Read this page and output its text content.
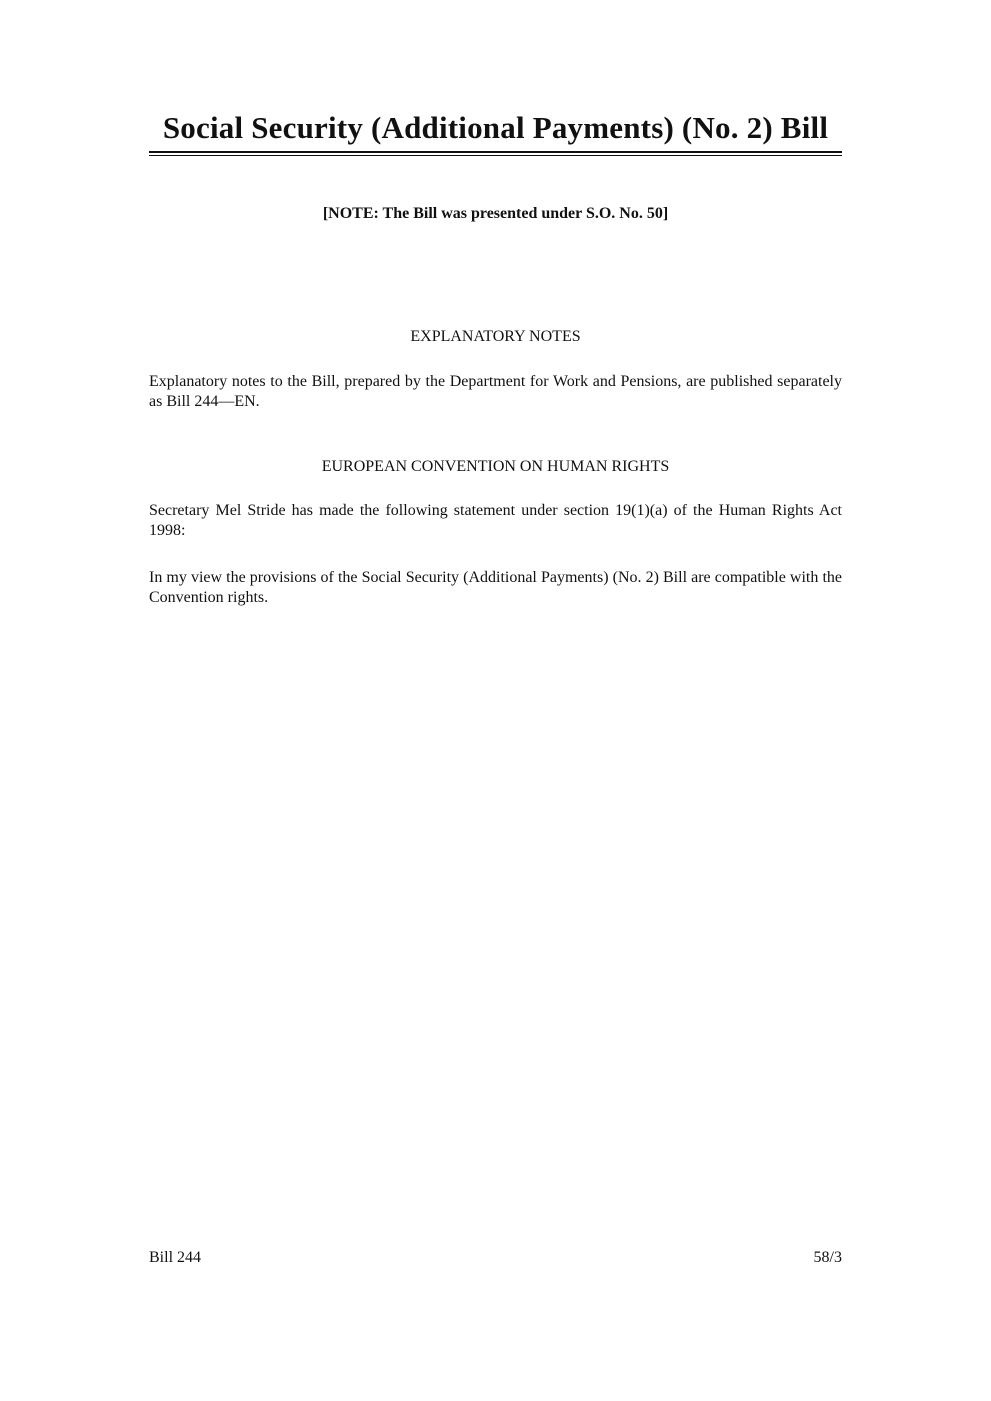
Social Security (Additional Payments) (No. 2) Bill
[NOTE: The Bill was presented under S.O. No. 50]
EXPLANATORY NOTES

Explanatory notes to the Bill, prepared by the Department for Work and Pensions, are published separately as Bill 244—EN.

EUROPEAN CONVENTION ON HUMAN RIGHTS

Secretary Mel Stride has made the following statement under section 19(1)(a) of the Human Rights Act 1998:

In my view the provisions of the Social Security (Additional Payments) (No. 2) Bill are compatible with the Convention rights.

Bill 244	58/3
